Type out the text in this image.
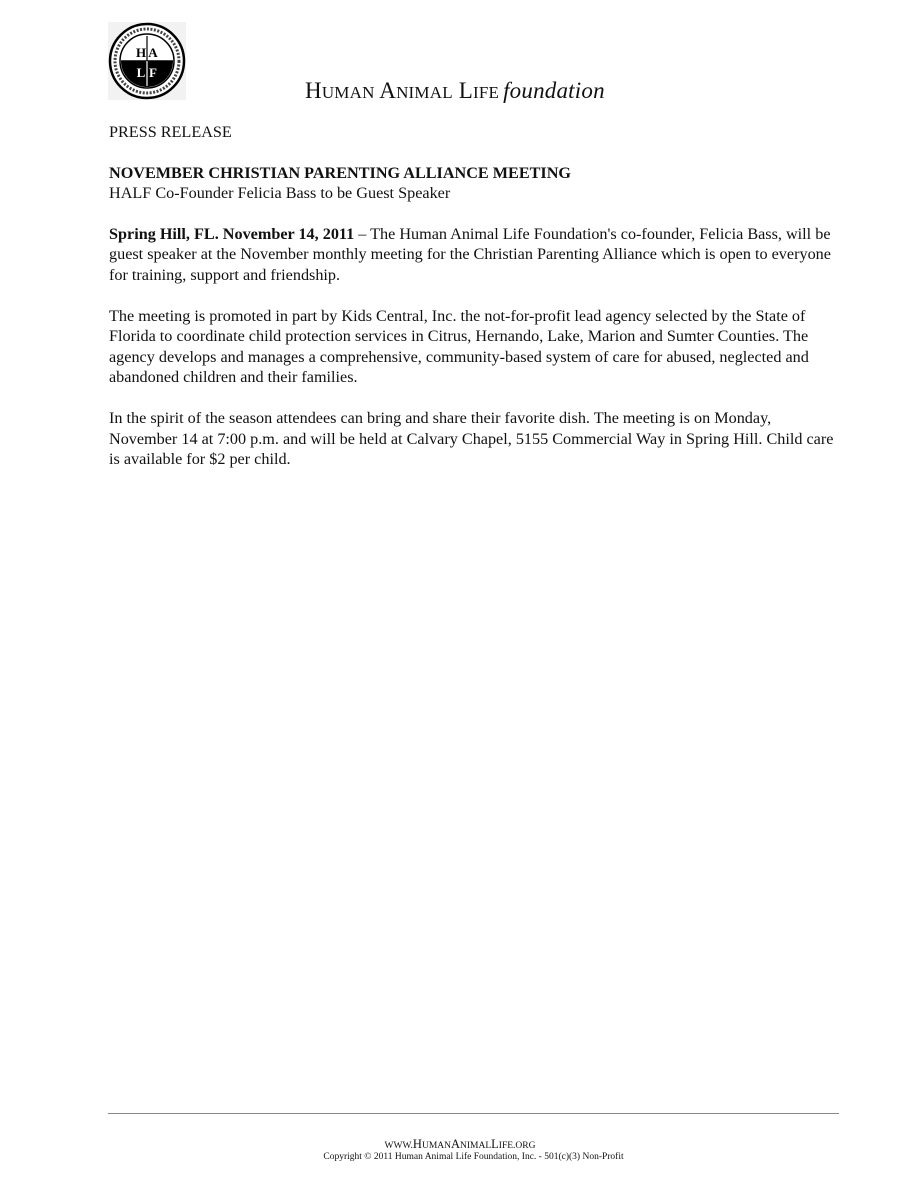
H A
L F
HUMAN ANIMAL LIFE foundation

PRESS RELEASE

NOVEMBER CHRISTIAN PARENTING ALLIANCE MEETING

HALF Co-Founder Felicia Bass to be Guest Speaker

Spring Hill, FL. November 14, 2011 – The Human Animal Life Foundation's co-founder, Felicia Bass, will be guest speaker at the November monthly meeting for the Christian Parenting Alliance which is open to everyone for training, support and friendship.

The meeting is promoted in part by Kids Central, Inc. the not-for-profit lead agency selected by the State of Florida to coordinate child protection services in Citrus, Hernando, Lake, Marion and Sumter Counties. The agency develops and manages a comprehensive, community-based system of care for abused, neglected and abandoned children and their families.

In the spirit of the season attendees can bring and share their favorite dish. The meeting is on Monday, November 14 at 7:00 p.m. and will be held at Calvary Chapel, 5155 Commercial Way in Spring Hill. Child care is available for $2 per child.

WWW.HUMANANIMALLIFE.ORG
Copyright © 2011 Human Animal Life Foundation, Inc. - 501(c)(3) Non-Profit
